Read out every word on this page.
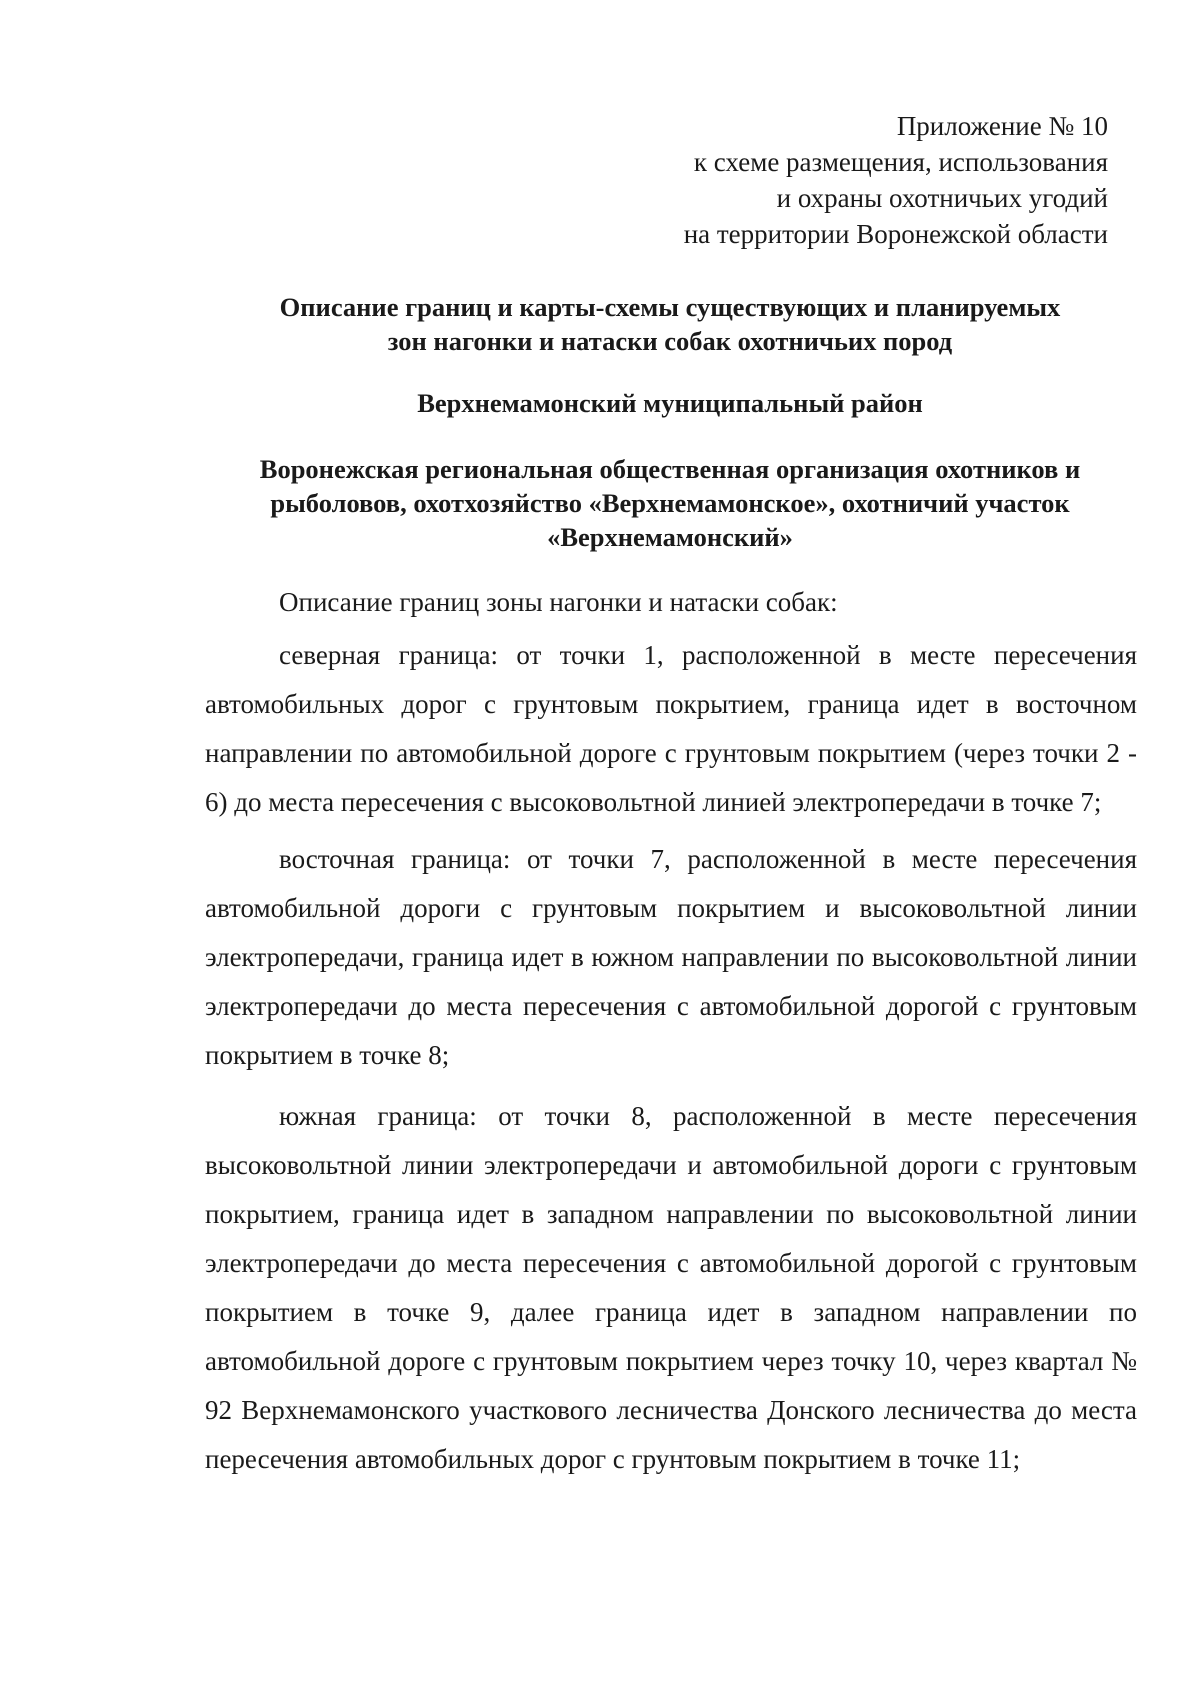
Приложение № 10
к схеме размещения, использования
и охраны охотничьих угодий
на территории Воронежской области
Описание границ и карты-схемы существующих и планируемых
зон нагонки и натаски собак охотничьих пород
Верхнемамонский муниципальный район
Воронежская региональная общественная организация охотников и
рыболовов, охотхозяйство «Верхнемамонское», охотничий участок
«Верхнемамонский»

Описание границ зоны нагонки и натаски собак:

северная граница: от точки 1, расположенной в месте пересечения автомобильных дорог с грунтовым покрытием, граница идет в восточном направлении по автомобильной дороге с грунтовым покрытием (через точки 2 - 6) до места пересечения с высоковольтной линией электропередачи в точке 7;

восточная граница: от точки 7, расположенной в месте пересечения автомобильной дороги с грунтовым покрытием и высоковольтной линии электропередачи, граница идет в южном направлении по высоковольтной линии электропередачи до места пересечения с автомобильной дорогой с грунтовым покрытием в точке 8;

южная граница: от точки 8, расположенной в месте пересечения высоковольтной линии электропередачи и автомобильной дороги с грунтовым покрытием, граница идет в западном направлении по высоковольтной линии электропередачи до места пересечения с автомобильной дорогой с грунтовым покрытием в точке 9, далее граница идет в западном направлении по автомобильной дороге с грунтовым покрытием через точку 10, через квартал № 92 Верхнемамонского участкового лесничества Донского лесничества до места пересечения автомобильных дорог с грунтовым покрытием в точке 11;
